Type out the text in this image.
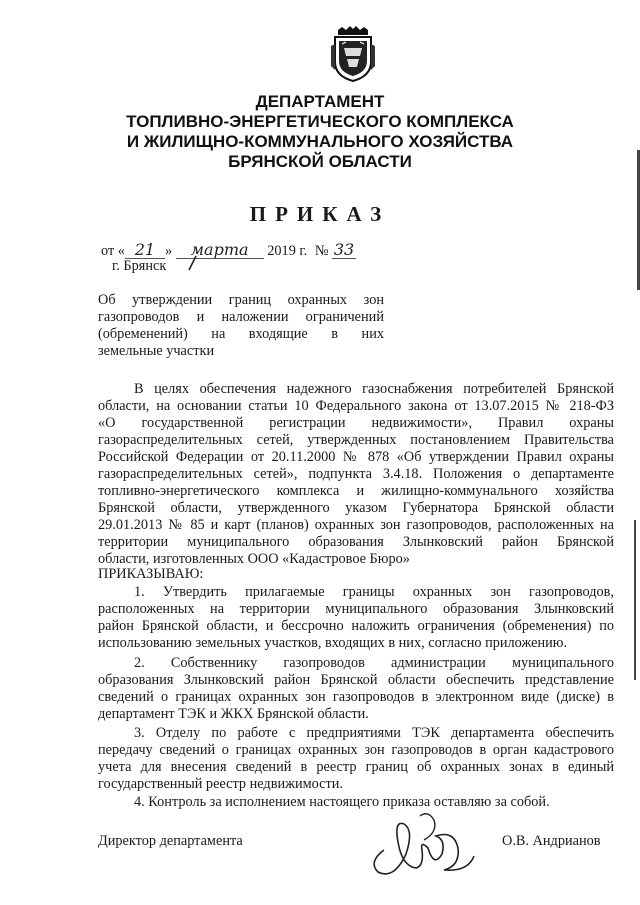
ДЕПАРТАМЕНТ
ТОПЛИВНО-ЭНЕРГЕТИЧЕСКОГО КОМПЛЕКСА
И ЖИЛИЩНО-КОММУНАЛЬНОГО ХОЗЯЙСТВА
БРЯНСКОЙ ОБЛАСТИ
ПРИКАЗ
от « 21 » марта 2019 г. № 33
г. Брянск
Об утверждении границ охранных зон
газопроводов и наложении ограничений
(обременений) на входящие в них
земельные участки
В целях обеспечения надежного газоснабжения потребителей Брянской
области, на основании статьи 10 Федерального закона от 13.07.2015 № 218-ФЗ
«О государственной регистрации недвижимости», Правил охраны
газораспределительных сетей, утвержденных постановлением Правительства
Российской Федерации от 20.11.2000 № 878 «Об утверждении Правил охраны
газораспределительных сетей», подпункта 3.4.18. Положения о департаменте
топливно-энергетического комплекса и жилищно-коммунального хозяйства
Брянской области, утвержденного указом Губернатора Брянской области
29.01.2013 № 85 и карт (планов) охранных зон газопроводов, расположенных на
территории муниципального образования Злынковский район Брянской
области, изготовленных ООО «Кадастровое Бюро»
ПРИКАЗЫВАЮ:
1. Утвердить прилагаемые границы охранных зон газопроводов,
расположенных на территории муниципального образования Злынковский
район Брянской области, и бессрочно наложить ограничения (обременения) по
использованию земельных участков, входящих в них, согласно приложению.
2. Собственнику газопроводов администрации муниципального
образования Злынковский район Брянской области обеспечить представление
сведений о границах охранных зон газопроводов в электронном виде (диске) в
департамент ТЭК и ЖКХ Брянской области.
3. Отделу по работе с предприятиями ТЭК департамента обеспечить
передачу сведений о границах охранных зон газопроводов в орган кадастрового
учета для внесения сведений в реестр границ об охранных зонах в единый
государственный реестр недвижимости.
4. Контроль за исполнением настоящего приказа оставляю за собой.
Директор департамента	О.В. Андрианов
